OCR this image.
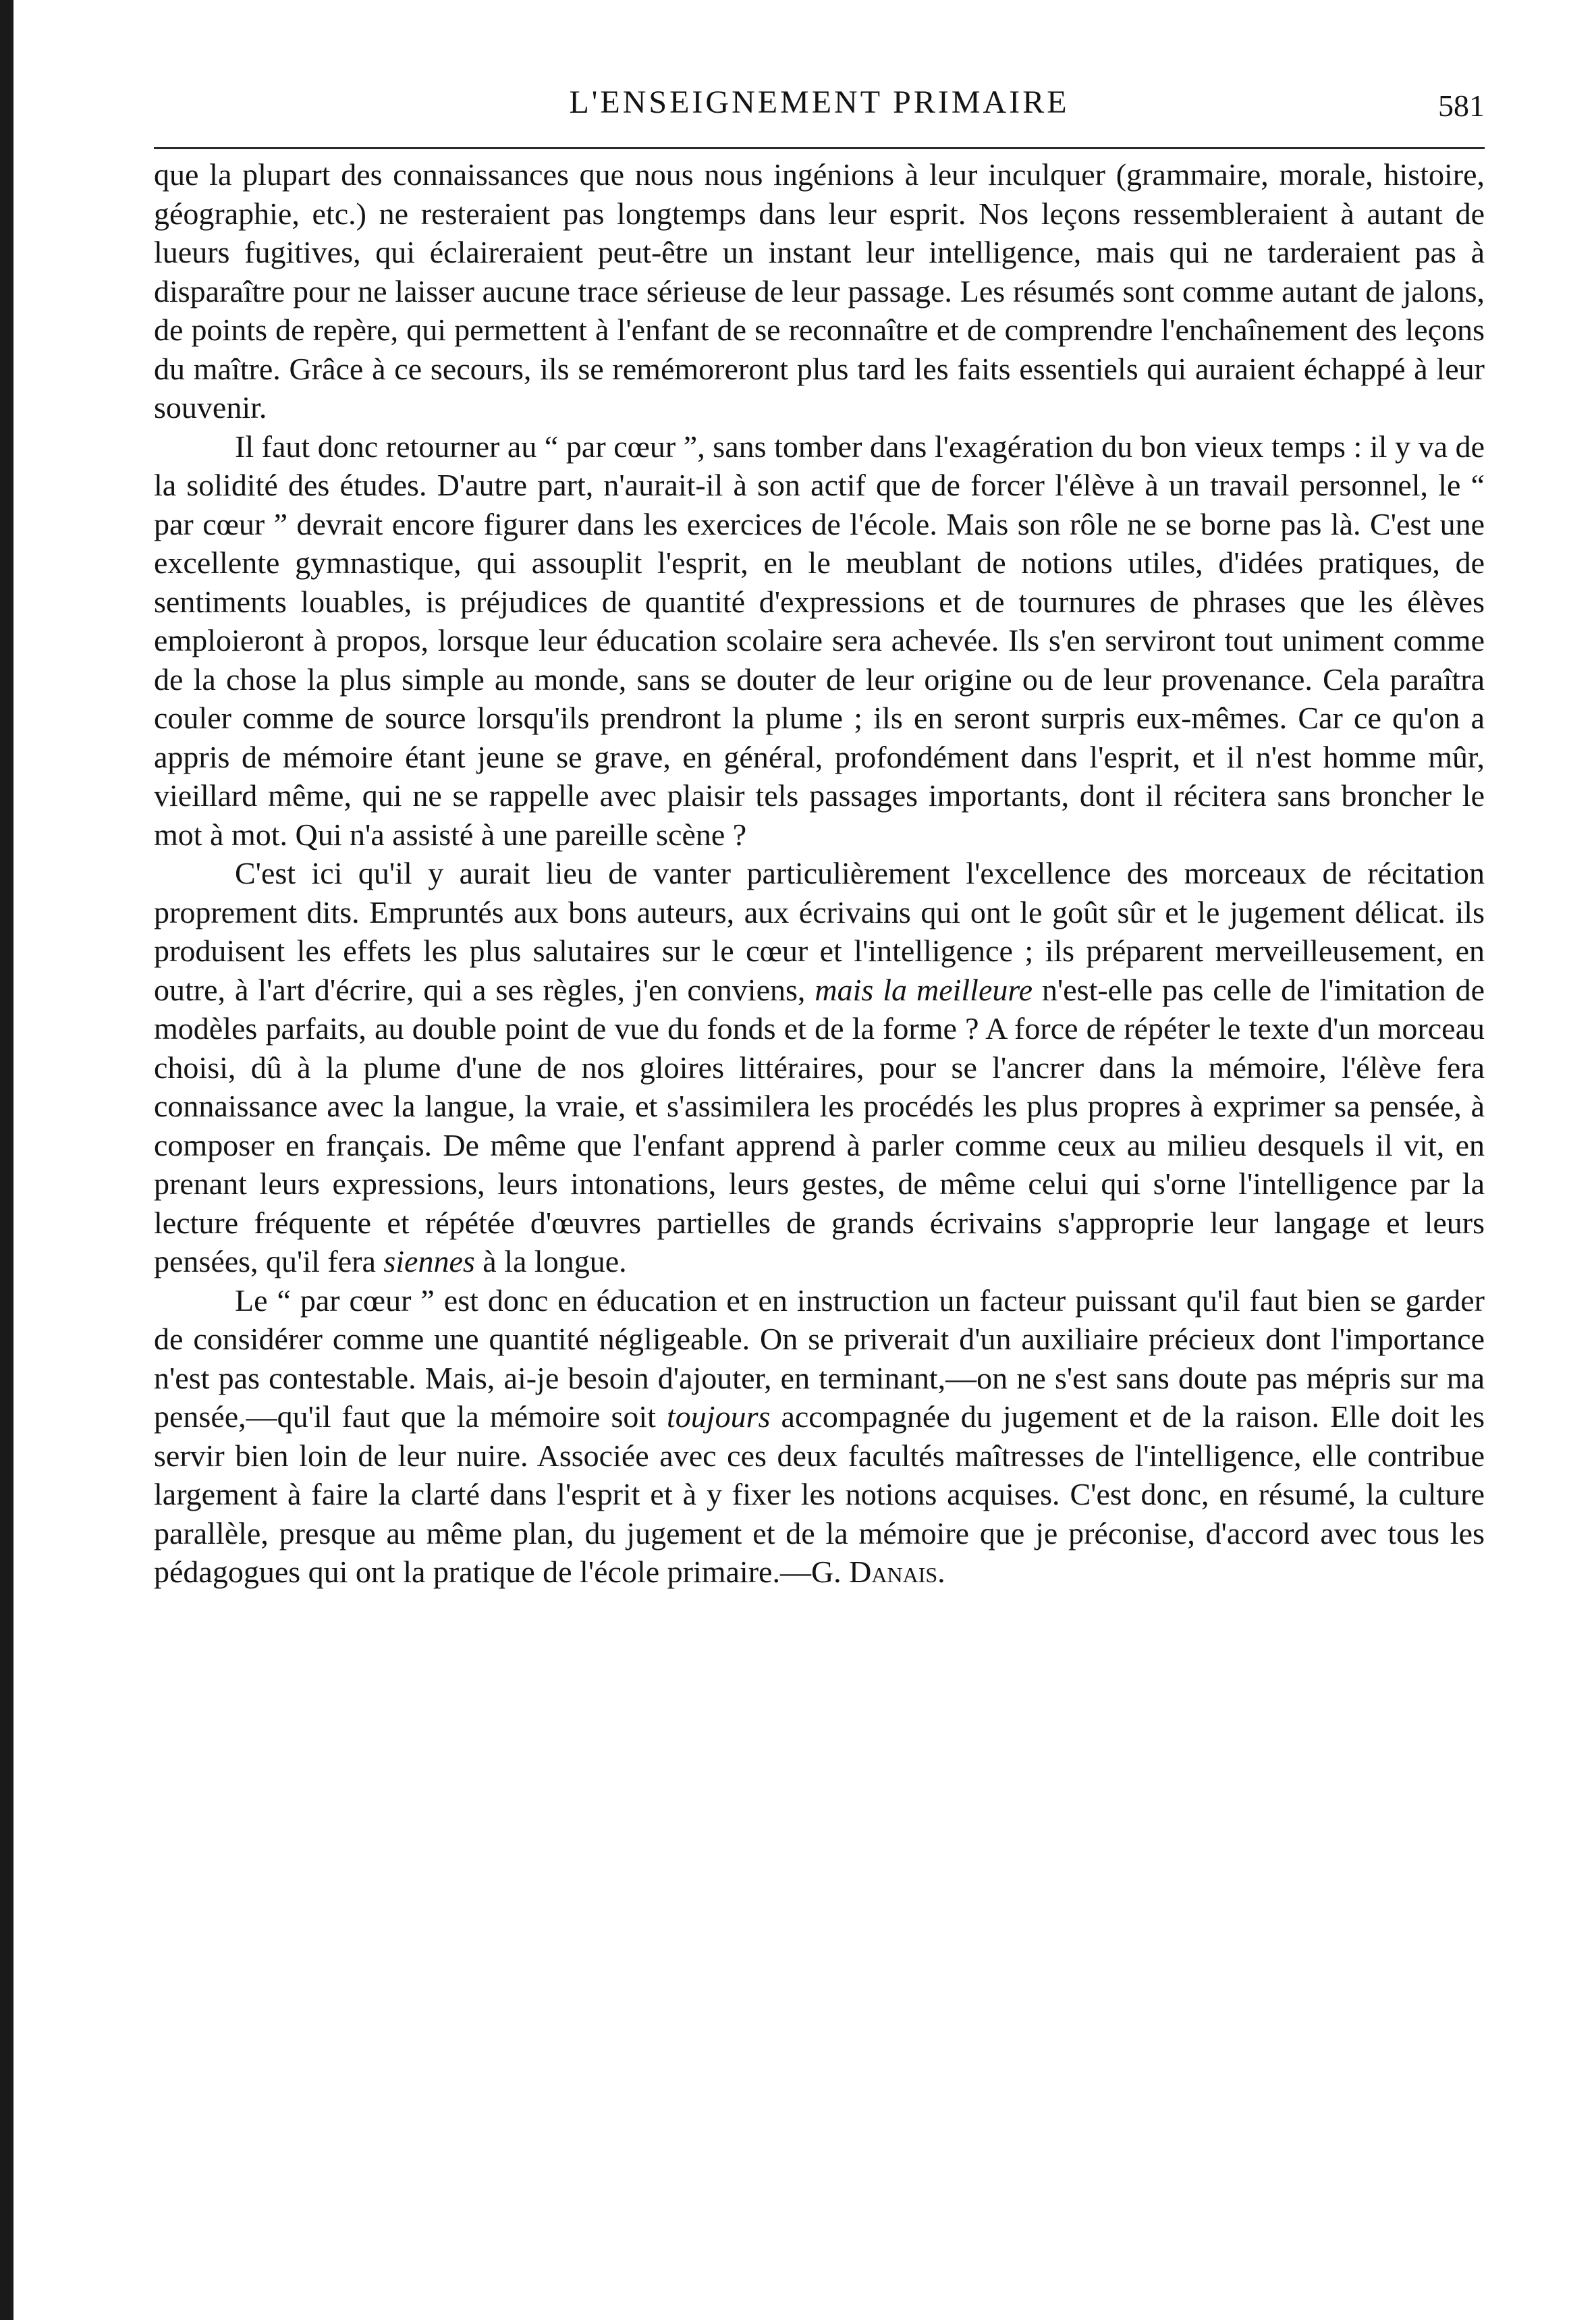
L'ENSEIGNEMENT PRIMAIRE	581

que la plupart des connaissances que nous nous ingénions à leur inculquer (grammaire, morale, histoire, géographie, etc.) ne resteraient pas longtemps dans leur esprit. Nos leçons ressembleraient à autant de lueurs fugitives, qui éclaireraient peut-être un instant leur intelligence, mais qui ne tarderaient pas à disparaître pour ne laisser aucune trace sérieuse de leur passage. Les résumés sont comme autant de jalons, de points de repère, qui permettent à l'enfant de se reconnaître et de comprendre l'enchaînement des leçons du maître. Grâce à ce secours, ils se remémoreront plus tard les faits essentiels qui auraient échappé à leur souvenir.

Il faut donc retourner au “ par cœur ”, sans tomber dans l'exagération du bon vieux temps : il y va de la solidité des études. D'autre part, n'aurait-il à son actif que de forcer l'élève à un travail personnel, le “ par cœur ” devrait encore figurer dans les exercices de l'école. Mais son rôle ne se borne pas là. C'est une excellente gymnastique, qui assouplit l'esprit, en le meublant de notions utiles, d'idées pratiques, de sentiments louables, is préjudices de quantité d'expressions et de tournures de phrases que les élèves emploieront à propos, lorsque leur éducation scolaire sera achevée. Ils s'en serviront tout uniment comme de la chose la plus simple au monde, sans se douter de leur origine ou de leur provenance. Cela paraîtra couler comme de source lorsqu'ils prendront la plume ; ils en seront surpris eux-mêmes. Car ce qu'on a appris de mémoire étant jeune se grave, en général, profondément dans l'esprit, et il n'est homme mûr, vieillard même, qui ne se rappelle avec plaisir tels passages importants, dont il récitera sans broncher le mot à mot. Qui n'a assisté à une pareille scène ?

C'est ici qu'il y aurait lieu de vanter particulièrement l'excellence des morceaux de récitation proprement dits. Empruntés aux bons auteurs, aux écrivains qui ont le goût sûr et le jugement délicat. ils produisent les effets les plus salutaires sur le cœur et l'intelligence ; ils préparent merveilleusement, en outre, à l'art d'écrire, qui a ses règles, j'en conviens, mais la meilleure n'est-elle pas celle de l'imitation de modèles parfaits, au double point de vue du fonds et de la forme ? A force de répéter le texte d'un morceau choisi, dû à la plume d'une de nos gloires littéraires, pour se l'ancrer dans la mémoire, l'élève fera connaissance avec la langue, la vraie, et s'assimilera les procédés les plus propres à exprimer sa pensée, à composer en français. De même que l'enfant apprend à parler comme ceux au milieu desquels il vit, en prenant leurs expressions, leurs intonations, leurs gestes, de même celui qui s'orne l'intelligence par la lecture fréquente et répétée d'œuvres partielles de grands écrivains s'approprie leur langage et leurs pensées, qu'il fera siennes à la longue.

Le “ par cœur ” est donc en éducation et en instruction un facteur puissant qu'il faut bien se garder de considérer comme une quantité négligeable. On se priverait d'un auxiliaire précieux dont l'importance n'est pas contestable. Mais, ai-je besoin d'ajouter, en terminant,—on ne s'est sans doute pas mépris sur ma pensée,—qu'il faut que la mémoire soit toujours accompagnée du jugement et de la raison. Elle doit les servir bien loin de leur nuire. Associée avec ces deux facultés maîtresses de l'intelligence, elle contribue largement à faire la clarté dans l'esprit et à y fixer les notions acquises. C'est donc, en résumé, la culture parallèle, presque au même plan, du jugement et de la mémoire que je préconise, d'accord avec tous les pédagogues qui ont la pratique de l'école primaire.—G. Danais.
